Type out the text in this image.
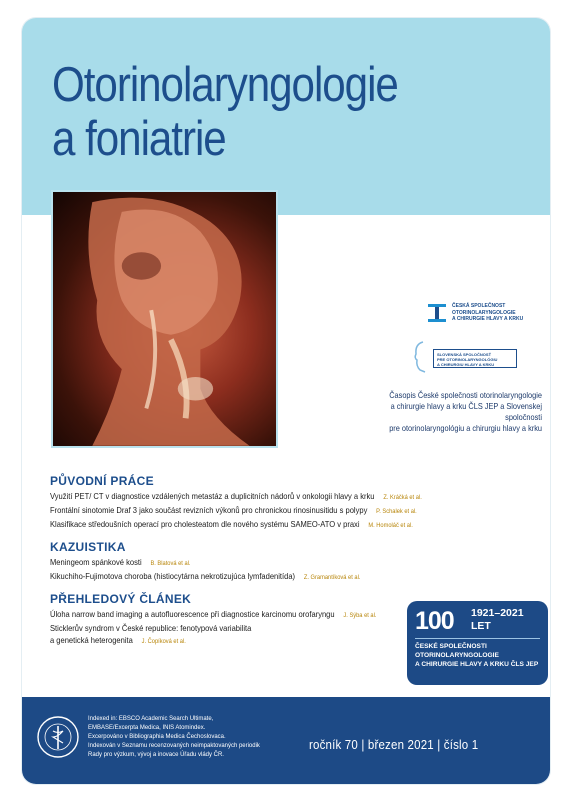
Otorinolaryngologie
a foniatrie
ČESKÁ SPOLEČNOST
OTORINOLARYNGOLOGIE
A CHIRURGIE HLAVY A KRKU
SLOVENSKÁ SPOLOČNOSŤ
PRE OTORINOLARYNGOLÓGIU
A CHIRURGIU HLAVY A KRKU
Časopis České společnosti otorinolaryngologie
a chirurgie hlavy a krku ČLS JEP a Slovenskej spoločnosti
pre otorinolaryngológiu a chirurgiu hlavy a krku
PŮVODNÍ PRÁCE
Využití PET/ CT v diagnostice vzdálených metastáz a duplicitních nádorů v onkologii hlavy a krku Z. Kráčká et al.
Frontální sinotomie Draf 3 jako součást revizních výkonů pro chronickou rinosinusitidu s polypy P. Schalek et al.
Klasifikace středoušních operací pro cholesteatom dle nového systému SAMEO-ATO v praxi M. Homoláč et al.
KAZUISTIKA
Meningeom spánkové kosti B. Blatová et al.
Kikuchiho-Fujimotova choroba (histiocytárna nekrotizujúca lymfadenitída) Z. Gramantíková et al.
PŘEHLEDOVÝ ČLÁNEK
Úloha narrow band imaging a autofluorescence při diagnostice karcinomu orofaryngu J. Sýba et al.
Sticklerův syndrom v České republice: fenotypová variabilita
a genetická heterogenita J. Čopíková et al.
100 1921–2021
LET
ČESKÉ SPOLEČNOSTI
OTORINOLARYNGOLOGIE
A CHIRURGIE HLAVY A KRKU ČLS JEP
Indexed in: EBSCO Academic Search Ultimate,
EMBASE/Excerpta Medica, INIS Atomindex.
Excerpováno v Bibliographia Medica Čechoslovaca.
Indexován v Seznamu recenzovaných neimpaktovaných periodik
Rady pro výzkum, vývoj a inovace Úřadu vlády ČR.
ročník 70 | březen 2021 | číslo 1
